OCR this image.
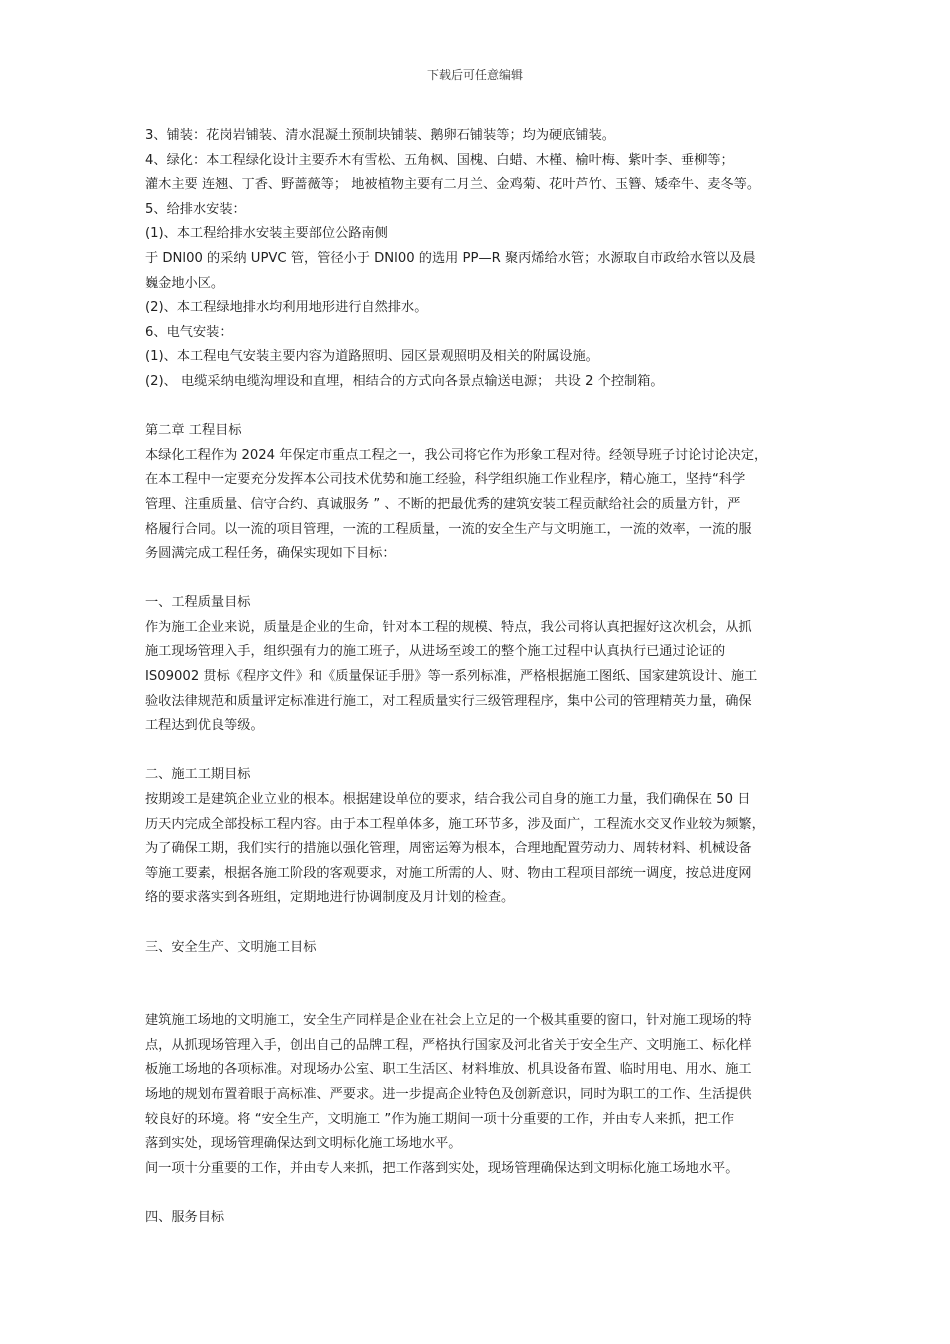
下载后可任意编辑
3、铺装：花岗岩铺装、清水混凝土预制块铺装、鹅卵石铺装等；均为硬底铺装。
4、绿化：本工程绿化设计主要乔木有雪松、五角枫、国槐、白蜡、木槿、榆叶梅、紫叶李、垂柳等；
灌木主要 连翘、丁香、野蔷薇等； 地被植物主要有二月兰、金鸡菊、花叶芦竹、玉簪、矮牵牛、麦冬等。
5、给排水安装：
(1)、本工程给排水安装主要部位公路南侧
于 DNl00 的采纳 UPVC 管，管径小于 DNl00 的选用 PP—R 聚丙烯给水管；水源取自市政给水管以及晨
巍金地小区。
(2)、本工程绿地排水均利用地形进行自然排水。
6、电气安装：
(1)、本工程电气安装主要内容为道路照明、园区景观照明及相关的附属设施。
(2)、 电缆采纳电缆沟埋设和直埋，相结合的方式向各景点输送电源； 共设 2 个控制箱。
第二章 工程目标
本绿化工程作为 2024 年保定市重点工程之一，我公司将它作为形象工程对待。经领导班子讨论讨论决定，
在本工程中一定要充分发挥本公司技术优势和施工经验，科学组织施工作业程序，精心施工，坚持“科学
管理、注重质量、信守合约、真诚服务 ” 、不断的把最优秀的建筑安装工程贡献给社会的质量方针，严
格履行合同。以一流的项目管理，一流的工程质量，一流的安全生产与文明施工，一流的效率，一流的服
务圆满完成工程任务，确保实现如下目标：
一、工程质量目标
作为施工企业来说，质量是企业的生命，针对本工程的规模、特点，我公司将认真把握好这次机会，从抓
施工现场管理入手，组织强有力的施工班子，从进场至竣工的整个施工过程中认真执行已通过论证的
IS09002 贯标《程序文件》和《质量保证手册》等一系列标准，严格根据施工图纸、国家建筑设计、施工
验收法律规范和质量评定标准进行施工，对工程质量实行三级管理程序，集中公司的管理精英力量，确保
工程达到优良等级。
二、施工工期目标
按期竣工是建筑企业立业的根本。根据建设单位的要求，结合我公司自身的施工力量，我们确保在 50 日
历天内完成全部投标工程内容。由于本工程单体多，施工环节多，涉及面广，工程流水交叉作业较为频繁，
为了确保工期，我们实行的措施以强化管理，周密运筹为根本，合理地配置劳动力、周转材料、机械设备
等施工要素，根据各施工阶段的客观要求，对施工所需的人、财、物由工程项目部统一调度，按总进度网
络的要求落实到各班组，定期地进行协调制度及月计划的检查。
三、安全生产、文明施工目标
建筑施工场地的文明施工，安全生产同样是企业在社会上立足的一个极其重要的窗口，针对施工现场的特
点，从抓现场管理入手，创出自己的品牌工程，严格执行国家及河北省关于安全生产、文明施工、标化样
板施工场地的各项标准。对现场办公室、职工生活区、材料堆放、机具设备布置、临时用电、用水、施工
场地的规划布置着眼于高标准、严要求。进一步提高企业特色及创新意识，同时为职工的工作、生活提供
较良好的环境。将 “安全生产，文明施工 ”作为施工期间一项十分重要的工作，并由专人来抓，把工作
落到实处，现场管理确保达到文明标化施工场地水平。
间一项十分重要的工作，并由专人来抓，把工作落到实处，现场管理确保达到文明标化施工场地水平。
四、服务目标
